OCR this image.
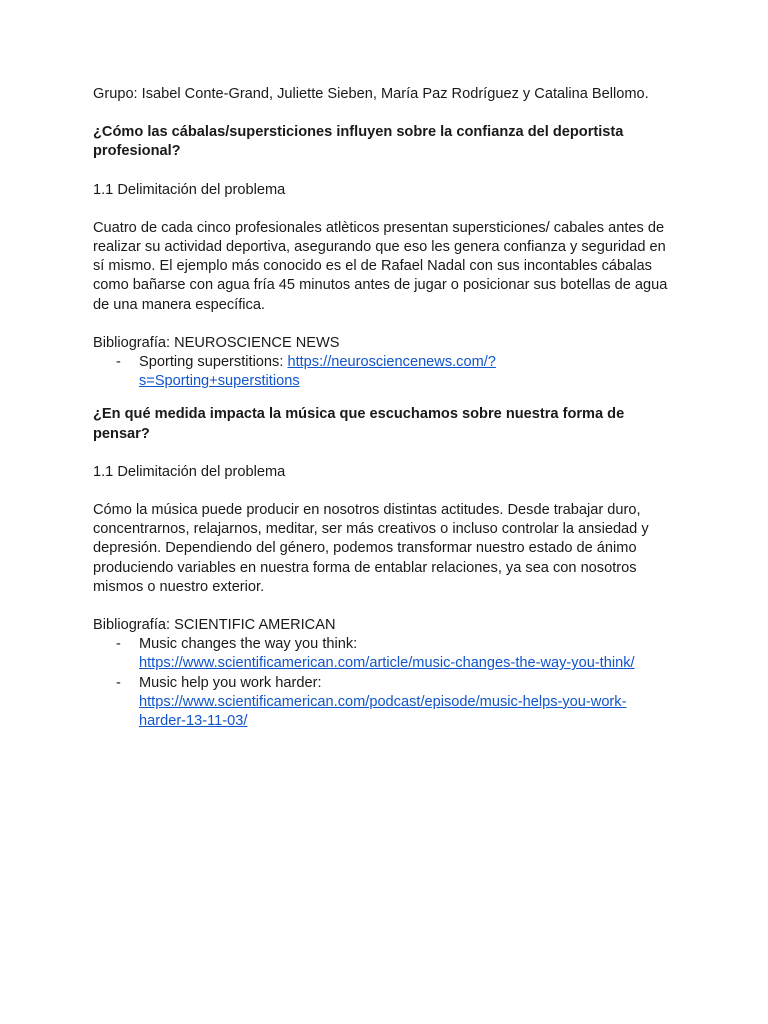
Grupo: Isabel Conte-Grand, Juliette Sieben, María Paz Rodríguez y Catalina Bellomo.

¿Cómo las cábalas/supersticiones influyen sobre la confianza del deportista profesional?

1.1 Delimitación del problema

Cuatro de cada cinco profesionales atlèticos presentan supersticiones/ cabales antes de realizar su actividad deportiva, asegurando que eso les genera confianza y seguridad en sí mismo. El ejemplo más conocido es el de Rafael Nadal con sus incontables cábalas como bañarse con agua fría 45 minutos antes de jugar o posicionar sus botellas de agua de una manera específica.

Bibliografía: NEUROSCIENCE NEWS

- Sporting superstitions: https://neurosciencenews.com/?
s=Sporting+superstitions

¿En qué medida impacta la música que escuchamos sobre nuestra forma de pensar?

1.1 Delimitación del problema

Cómo la música puede producir en nosotros distintas actitudes. Desde trabajar duro, concentrarnos, relajarnos, meditar, ser más creativos o incluso controlar la ansiedad y depresión. Dependiendo del género, podemos transformar nuestro estado de ánimo produciendo variables en nuestra forma de entablar relaciones, ya sea con nosotros mismos o nuestro exterior.

Bibliografía: SCIENTIFIC AMERICAN

- Music changes the way you think:
https://www.scientificamerican.com/article/music-changes-the-way-you-think/
- Music help you work harder:
https://www.scientificamerican.com/podcast/episode/music-helps-you-work-
harder-13-11-03/
